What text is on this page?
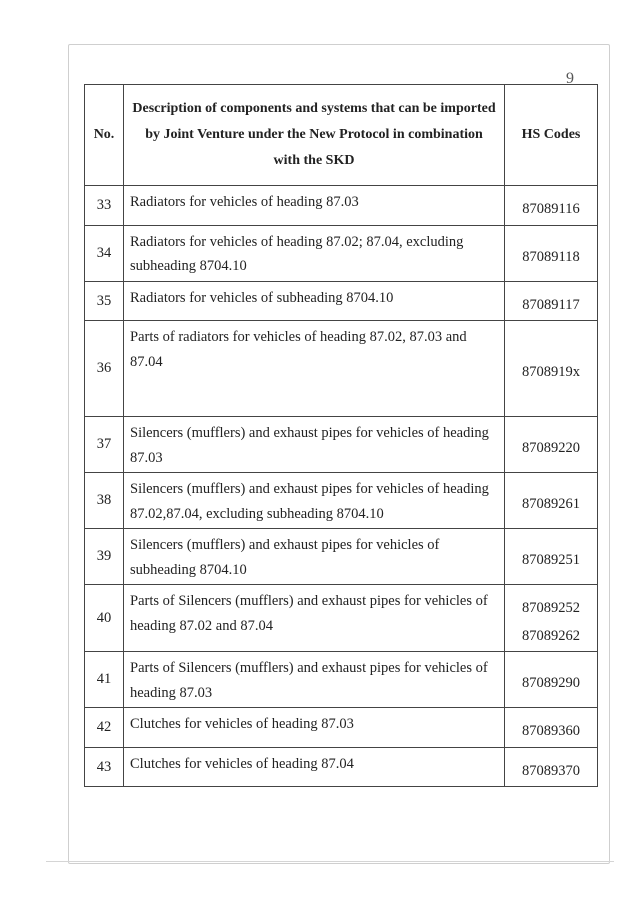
9
No.	Description of components and systems that can be imported by Joint Venture under the New Protocol in combination with the SKD	HS Codes
33	Radiators for vehicles of heading 87.03	87089116

34	Radiators for vehicles of heading 87.02; 87.04, excluding subheading 8704.10	87089118

35	Radiators for vehicles of subheading 8704.10	87089117

36	Parts of radiators for vehicles of heading 87.02, 87.03 and 87.04	8708919x

37	Silencers (mufflers) and exhaust pipes for vehicles of heading 87.03	87089220

38	Silencers (mufflers) and exhaust pipes for vehicles of heading 87.02,87.04, excluding subheading 8704.10	87089261

39	Silencers (mufflers) and exhaust pipes for vehicles of subheading 8704.10	87089251

40	Parts of Silencers (mufflers) and exhaust pipes for vehicles of heading 87.02 and 87.04	87089252
87089262

41	Parts of Silencers (mufflers) and exhaust pipes for vehicles of heading 87.03	87089290

42	Clutches for vehicles of heading 87.03	87089360

43	Clutches for vehicles of heading 87.04	87089370
